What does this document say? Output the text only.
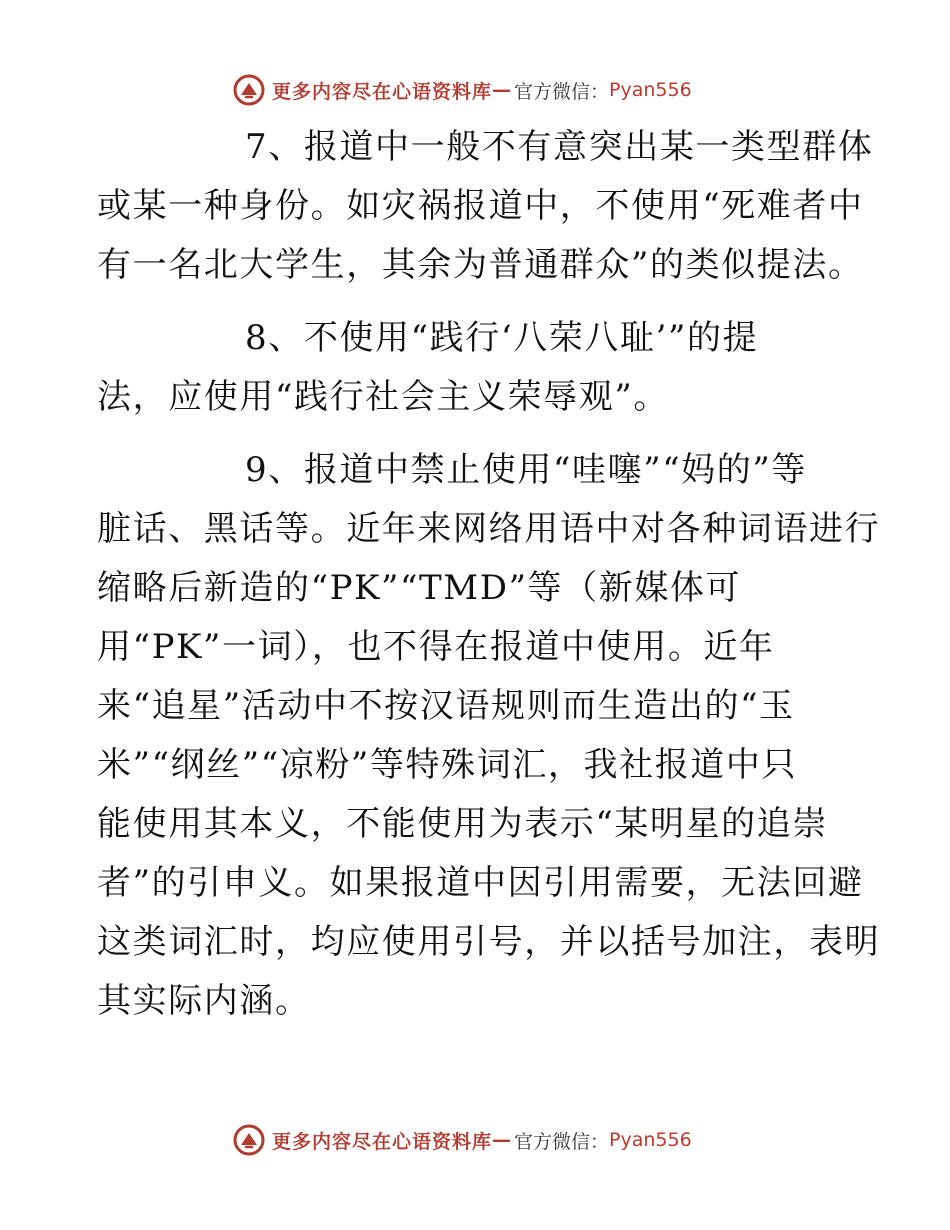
更多内容尽在心语资料库 — 官方微信： Pyan556

7、报道中一般不有意突出某一类型群体
或某一种身份。如灾祸报道中，不使用“死难者中
有一名北大学生，其余为普通群众”的类似提法。

8、不使用“践行‘八荣八耻’”的提
法，应使用“践行社会主义荣辱观”。

9、报道中禁止使用“哇噻”“妈的”等
脏话、黑话等。近年来网络用语中对各种词语进行
缩略后新造的“PK”“TMD”等（新媒体可
用“PK”一词），也不得在报道中使用。近年
来“追星”活动中不按汉语规则而生造出的“玉
米”“纲丝”“凉粉”等特殊词汇，我社报道中只
能使用其本义，不能使用为表示“某明星的追崇
者”的引申义。如果报道中因引用需要，无法回避
这类词汇时，均应使用引号，并以括号加注，表明
其实际内涵。

更多内容尽在心语资料库 — 官方微信： Pyan556
